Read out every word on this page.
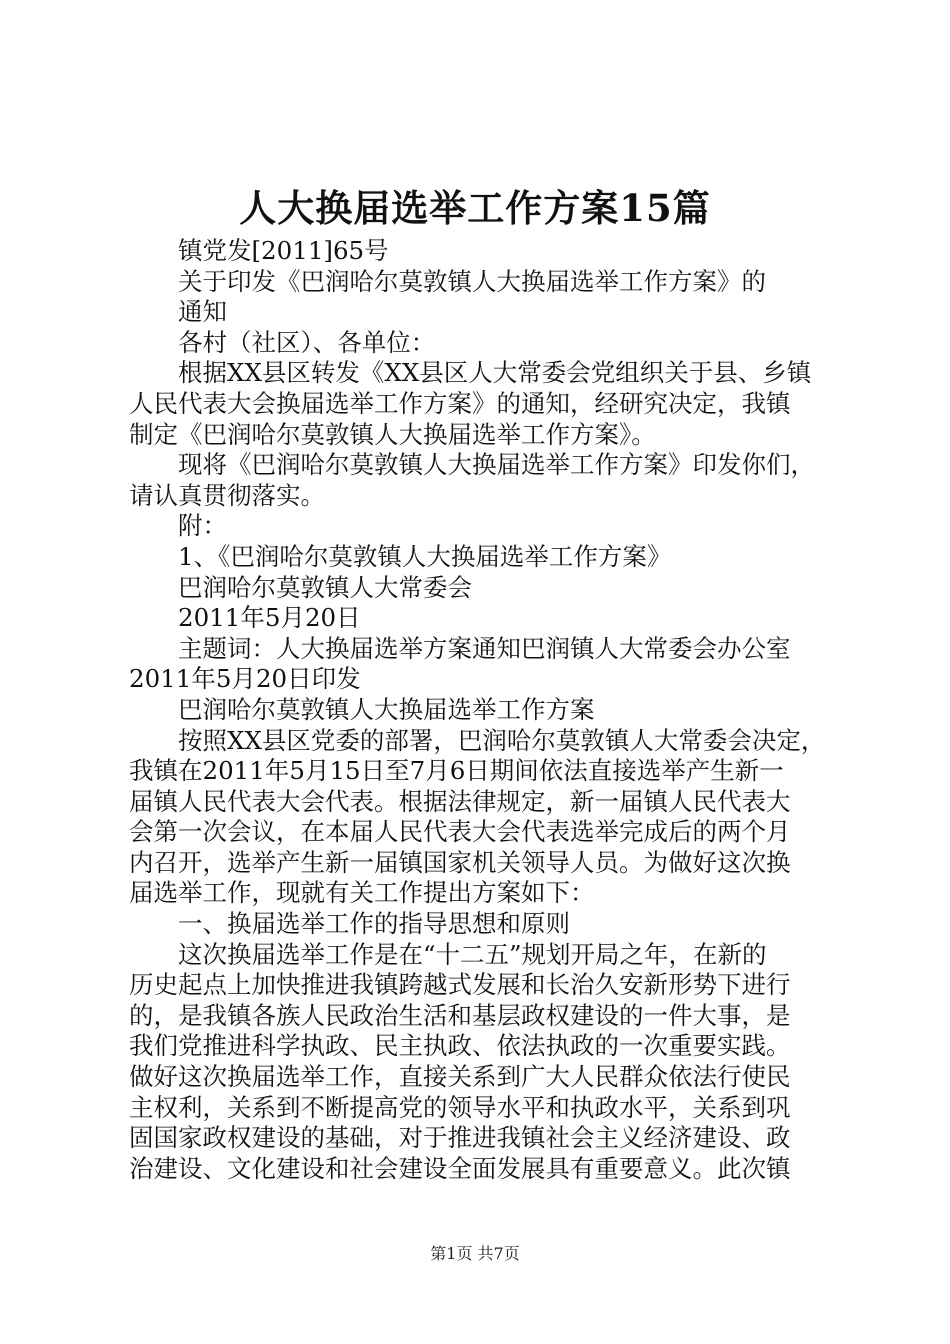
人大换届选举工作方案15篇

镇党发[2011]65号

关于印发《巴润哈尔莫敦镇人大换届选举工作方案》的

通知

各村（社区）、各单位：

根据XX县区转发《XX县区人大常委会党组织关于县、乡镇

人民代表大会换届选举工作方案》的通知，经研究决定，我镇

制定《巴润哈尔莫敦镇人大换届选举工作方案》。

现将《巴润哈尔莫敦镇人大换届选举工作方案》印发你们，

请认真贯彻落实。

附：

1、《巴润哈尔莫敦镇人大换届选举工作方案》

巴润哈尔莫敦镇人大常委会

2011年5月20日

主题词：人大换届选举方案通知巴润镇人大常委会办公室

2011年5月20日印发

巴润哈尔莫敦镇人大换届选举工作方案

按照XX县区党委的部署，巴润哈尔莫敦镇人大常委会决定，

我镇在2011年5月15日至7月6日期间依法直接选举产生新一

届镇人民代表大会代表。根据法律规定，新一届镇人民代表大

会第一次会议，在本届人民代表大会代表选举完成后的两个月

内召开，选举产生新一届镇国家机关领导人员。为做好这次换

届选举工作，现就有关工作提出方案如下：

一、换届选举工作的指导思想和原则

这次换届选举工作是在“十二五”规划开局之年，在新的

历史起点上加快推进我镇跨越式发展和长治久安新形势下进行

的，是我镇各族人民政治生活和基层政权建设的一件大事，是

我们党推进科学执政、民主执政、依法执政的一次重要实践。

做好这次换届选举工作，直接关系到广大人民群众依法行使民

主权利，关系到不断提高党的领导水平和执政水平，关系到巩

固国家政权建设的基础，对于推进我镇社会主义经济建设、政

治建设、文化建设和社会建设全面发展具有重要意义。此次镇

第1页 共7页
